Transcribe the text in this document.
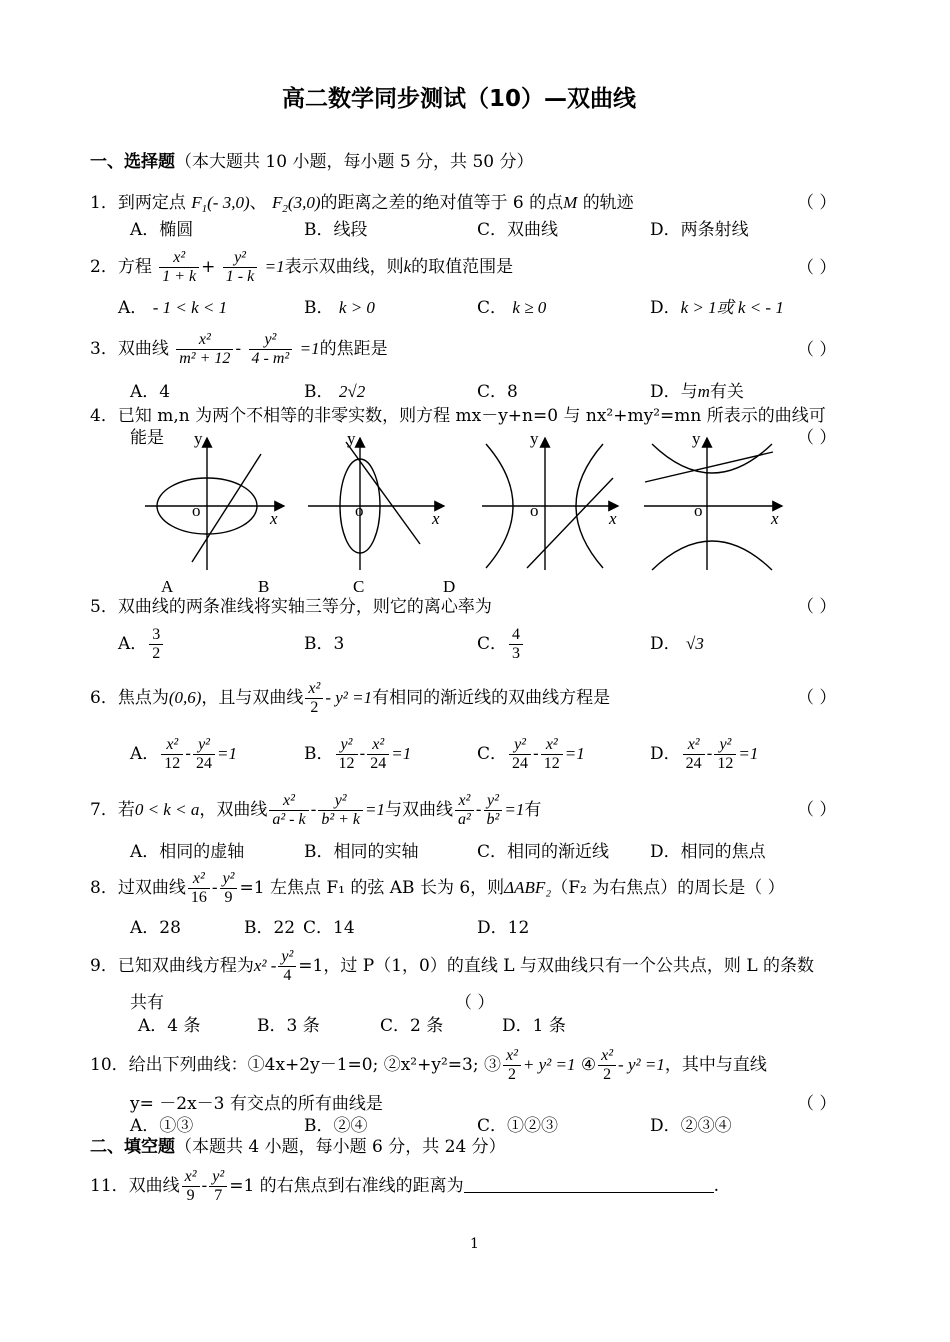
高二数学同步测试（10）—双曲线
一、选择题（本大题共 10 小题，每小题 5 分，共 50 分）
1．到两定点 $F_1(-$ 3,0)、 $F_2(3,0)$的距离之差的绝对值等于 6 的点M 的轨迹	（ ）
A．椭圆	B．线段	C．双曲线	D．两条射线
2．方程 $\frac{\text{x²}}{1 + k} + \frac{\text{y²}}{1 - k} =1$表示双曲线，则k的取值范围是	（ ）
A． - 1 < k < 1	B． k > 0	C． k ≥ 0	D．k > 1或 k < - 1
3．双曲线 $\frac{\text{x²}}{\text{m² + 12}} - \frac{\text{y²}}{\text{4 - m²}} =1$的焦距是	（ ）
A．4	B． 2√2	C．8	D．与m有关
4．已知 m,n 为两个不相等的非零实数，则方程 mx－y+n=0 与 nx²+my²=mn 所表示的曲线可
能是	（ ）
y
o	x
y
o	x
y
o	x
y
o	x
A	B	C	D
5．双曲线的两条准线将实轴三等分，则它的离心率为	（ ）
A． $\frac{3}{2}$	B．3	C． $\frac{4}{3}$	D． √3
6．焦点为(0,6)，且与双曲线 $\frac{\text{x²}}{2} - y^2 =1$有相同的渐近线的双曲线方程是	（ ）
A． $\frac{\text{x²}}{12} - \frac{\text{y²}}{24} =1$	B． $\frac{\text{y²}}{12} - \frac{\text{x²}}{24} =1$	C． $\frac{\text{y²}}{24} - \frac{\text{x²}}{12} =1$	D． $\frac{\text{x²}}{24} - \frac{\text{y²}}{12} =1$
7．若0 < k < a，双曲线 $\frac{\text{x²}}{\text{a² - k}} - \frac{\text{y²}}{\text{b² + k}} =1$与双曲线 $\frac{\text{x²}}{\text{a²}} - \frac{\text{y²}}{\text{b²}} =1$有	（ ）
A．相同的虚轴	B．相同的实轴	C．相同的渐近线 D．相同的焦点
8．过双曲线 $\frac{\text{x²}}{16} - \frac{\text{y²}}{9} =1$ 左焦点 F₁ 的弦 AB 长为 6，则ΔABF₂（F₂ 为右焦点）的周长是（ ）
A．28	B．22 C．14	D．12
9．已知双曲线方程为$x^2 - \frac{\text{y²}}{4} =1$，过 P（1，0）的直线 L 与双曲线只有一个公共点，则 L 的条数
共有	（ ）
A．4 条	B．3 条	C．2 条	D．1 条
10．给出下列曲线：①4x+2y－1=0; ②x²+y²=3; ③ $\frac{\text{x²}}{2} + y^2 =1$ ④ $\frac{\text{x²}}{2} - y^2 =1$，其中与直线
y= －2x－3 有交点的所有曲线是	（ ）
A．①③	B．②④	C．①②③	D．②③④
二、填空题（本题共 4 小题，每小题 6 分，共 24 分）
11．双曲线 $\frac{\text{x²}}{9} - \frac{\text{y²}}{7} =1$ 的右焦点到右准线的距离为	.
1
